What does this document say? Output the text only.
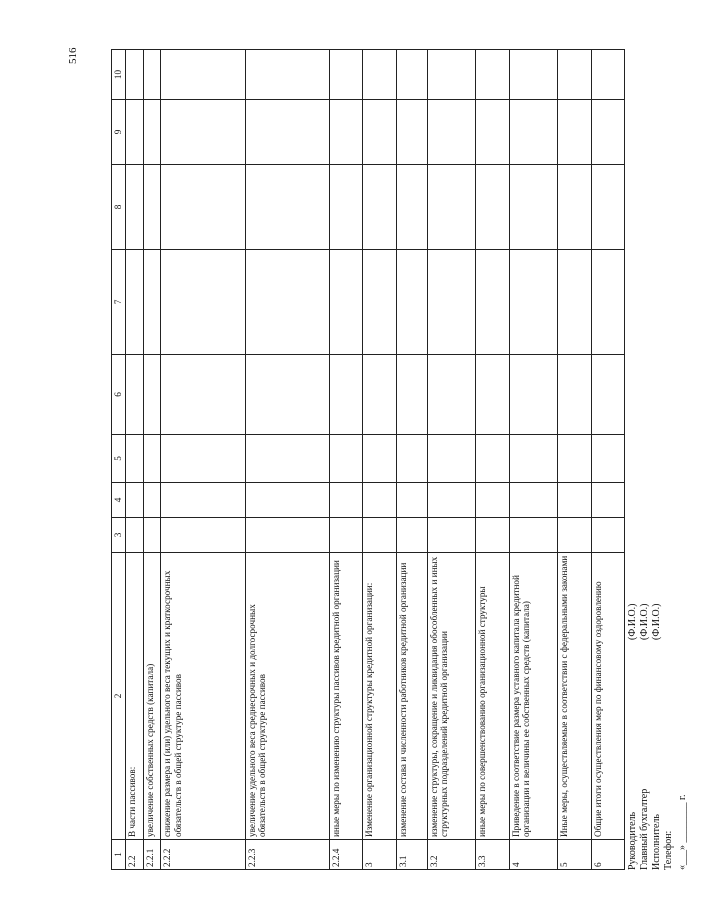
1	2	3	4	5	6	7	8	9	10
2.2	В части пассивов:								
2.2.1	увеличение собственных средств (капитала)								
2.2.2	снижение размера и (или) удельного веса текущих и краткосрочных обязательств в общей структуре пассивов								
2.2.3	увеличение удельного веса среднесрочных и долгосрочных обязательств в общей структуре пассивов								
2.2.4	иные меры по изменению структуры пассивов кредитной организации								
3	Изменение организационной структуры кредитной организации:								
3.1	изменение состава и численности работников кредитной организации								
3.2	изменение структуры, сокращение и ликвидация обособленных и иных структурных подразделений кредитной организации								
3.3	иные меры по совершенствованию организационной структуры								
4	Приведение в соответствие размера уставного капитала кредитной организации и величины ее собственных средств (капитала)								
5	Иные меры, осуществляемые в соответствии с федеральными законами								
6	Общие итоги осуществления мер по финансовому оздоровлению								
Руководитель
(Ф.И.О.)
Главный бухгалтер
(Ф.И.О.)
Исполнитель
(Ф.И.О.)
Телефон: «___» ________ г.
516
